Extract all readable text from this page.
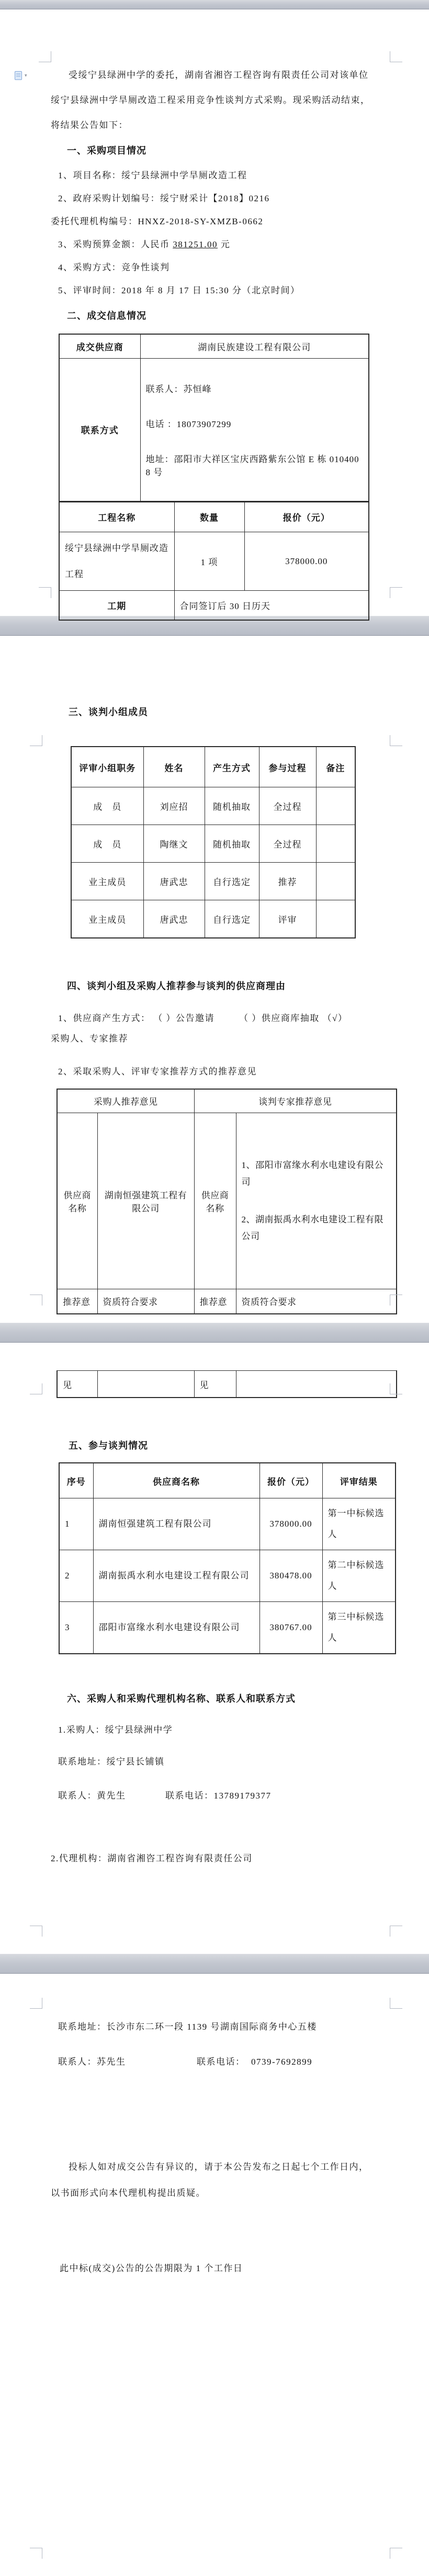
▾	受绥宁县绿洲中学的委托，湖南省湘咨工程咨询有限责任公司对该单位
绥宁县绿洲中学旱厕改造工程采用竞争性谈判方式采购。现采购活动结束，
将结果公告如下：
一、采购项目情况
1、项目名称：绥宁县绿洲中学旱厕改造工程
2、政府采购计划编号：绥宁财采计【2018】0216
委托代理机构编号：HNXZ-2018-SY-XMZB-0662
3、采购预算金额：人民币 381251.00 元
4、采购方式：竞争性谈判
5、评审时间：2018 年 8 月 17 日 15:30 分（北京时间）
二、成交信息情况
成交供应商	湖南民族建设工程有限公司
联系方式	联系人：苏恒峰
电话 ：18073907299
地址：邵阳市大祥区宝庆西路紫东公馆 E 栋 0104008 号

工程名称	数量	报价（元）
绥宁县绿洲中学旱厕改造工程	1 项	378000.00
工期	合同签订后 30 日历天	
三、谈判小组成员
评审小组职务	姓名	产生方式	参与过程	备注
成　员	刘应招	随机抽取	全过程	
成　员	陶继文	随机抽取	全过程	
业主成员	唐武忠	自行选定	推荐	
业主成员	唐武忠	自行选定	评审	
四、谈判小组及采购人推荐参与谈判的供应商理由
1、供应商产生方式： （ ）公告邀请　　　（ ）供应商库抽取 （√）
采购人、专家推荐
2、采取采购人、评审专家推荐方式的推荐意见
采购人推荐意见		谈判专家推荐意见	
供应商名称	湖南恒强建筑工程有限公司	供应商名称	1、邵阳市富缘水利水电建设有限公司

2、湖南振禹水利水电建设工程有限公司

推荐意	资质符合要求	推荐意	资质符合要求
见		见	
五、参与谈判情况
序号	供应商名称	报价（元）	评审结果
1	湖南恒强建筑工程有限公司	378000.00	第一中标候选人
2	湖南振禹水利水电建设工程有限公司	380478.00	第二中标候选人
3	邵阳市富缘水利水电建设有限公司	380767.00	第三中标候选人
六、采购人和采购代理机构名称、联系人和联系方式
1.采购人：绥宁县绿洲中学
联系地址：绥宁县长铺镇
联系人：黄先生	联系电话：13789179377
2.代理机构：湖南省湘咨工程咨询有限责任公司
联系地址：长沙市东二环一段 1139 号湖南国际商务中心五楼
联系人：苏先生	联系电话：  0739-7692899
投标人如对成交公告有异议的，请于本公告发布之日起七个工作日内，
以书面形式向本代理机构提出质疑。
此中标(成交)公告的公告期限为 1 个工作日
